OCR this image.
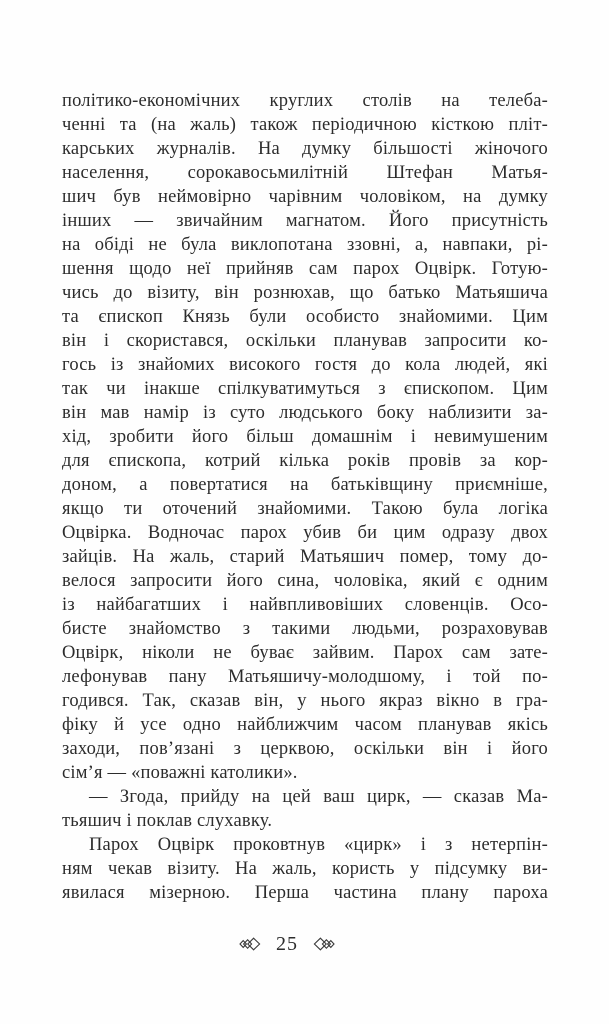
політико-економічних круглих столів на телеба-
ченні та (на жаль) також періодичною кісткою пліт-
карських журналів. На думку більшості жіночого
населення, сорокавосьмилітній Штефан Матья-
шич був неймовірно чарівним чоловіком, на думку
інших — звичайним магнатом. Його присутність
на обіді не була виклопотана ззовні, а, навпаки, рі-
шення щодо неї прийняв сам парох Оцвірк. Готую-
чись до візиту, він рознюхав, що батько Матьяшича
та єпископ Князь були особисто знайомими. Цим
він і скористався, оскільки планував запросити ко-
гось із знайомих високого гостя до кола людей, які
так чи інакше спілкуватимуться з єпископом. Цим
він мав намір із суто людського боку наблизити за-
хід, зробити його більш домашнім і невимушеним
для єпископа, котрий кілька років провів за кор-
доном, а повертатися на батьківщину приємніше,
якщо ти оточений знайомими. Такою була логіка
Оцвірка. Водночас парох убив би цим одразу двох
зайців. На жаль, старий Матьяшич помер, тому до-
велося запросити його сина, чоловіка, який є одним
із найбагатших і найвпливовіших словенців. Осо-
бисте знайомство з такими людьми, розраховував
Оцвірк, ніколи не буває зайвим. Парох сам зате-
лефонував пану Матьяшичу-молодшому, і той по-
годився. Так, сказав він, у нього якраз вікно в гра-
фіку й усе одно найближчим часом планував якісь
заходи, пов’язані з церквою, оскільки він і його
сім’я — «поважні католики».
— Згода, прийду на цей ваш цирк, — сказав Ма-
тьяшич і поклав слухавку.
Парох Оцвірк проковтнув «цирк» і з нетерпін-
ням чекав візиту. На жаль, користь у підсумку ви-
явилася мізерною. Перша частина плану пароха
25
